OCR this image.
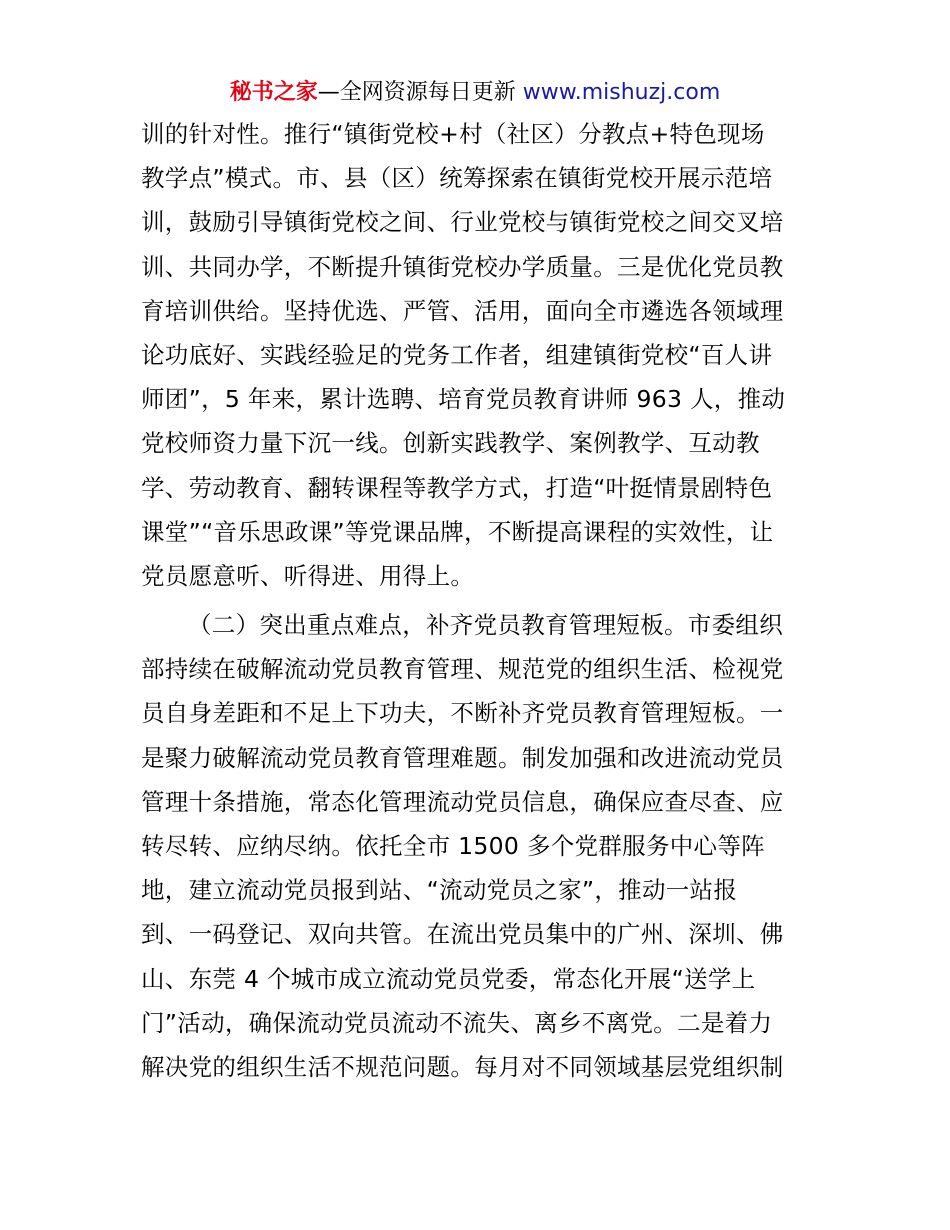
秘书之家—全网资源每日更新 www.mishuzj.com
训的针对性。推行“镇街党校+村（社区）分教点+特色现场
教学点”模式。市、县（区）统筹探索在镇街党校开展示范培
训，鼓励引导镇街党校之间、行业党校与镇街党校之间交叉培
训、共同办学，不断提升镇街党校办学质量。三是优化党员教
育培训供给。坚持优选、严管、活用，面向全市遴选各领域理
论功底好、实践经验足的党务工作者，组建镇街党校“百人讲
师团”，5 年来，累计选聘、培育党员教育讲师 963 人，推动
党校师资力量下沉一线。创新实践教学、案例教学、互动教
学、劳动教育、翻转课程等教学方式，打造“叶挺情景剧特色
课堂”“音乐思政课”等党课品牌，不断提高课程的实效性，让
党员愿意听、听得进、用得上。
（二）突出重点难点，补齐党员教育管理短板。市委组织
部持续在破解流动党员教育管理、规范党的组织生活、检视党
员自身差距和不足上下功夫，不断补齐党员教育管理短板。一
是聚力破解流动党员教育管理难题。制发加强和改进流动党员
管理十条措施，常态化管理流动党员信息，确保应查尽查、应
转尽转、应纳尽纳。依托全市 1500 多个党群服务中心等阵
地，建立流动党员报到站、“流动党员之家”，推动一站报
到、一码登记、双向共管。在流出党员集中的广州、深圳、佛
山、东莞 4 个城市成立流动党员党委，常态化开展“送学上
门”活动，确保流动党员流动不流失、离乡不离党。二是着力
解决党的组织生活不规范问题。每月对不同领域基层党组织制
